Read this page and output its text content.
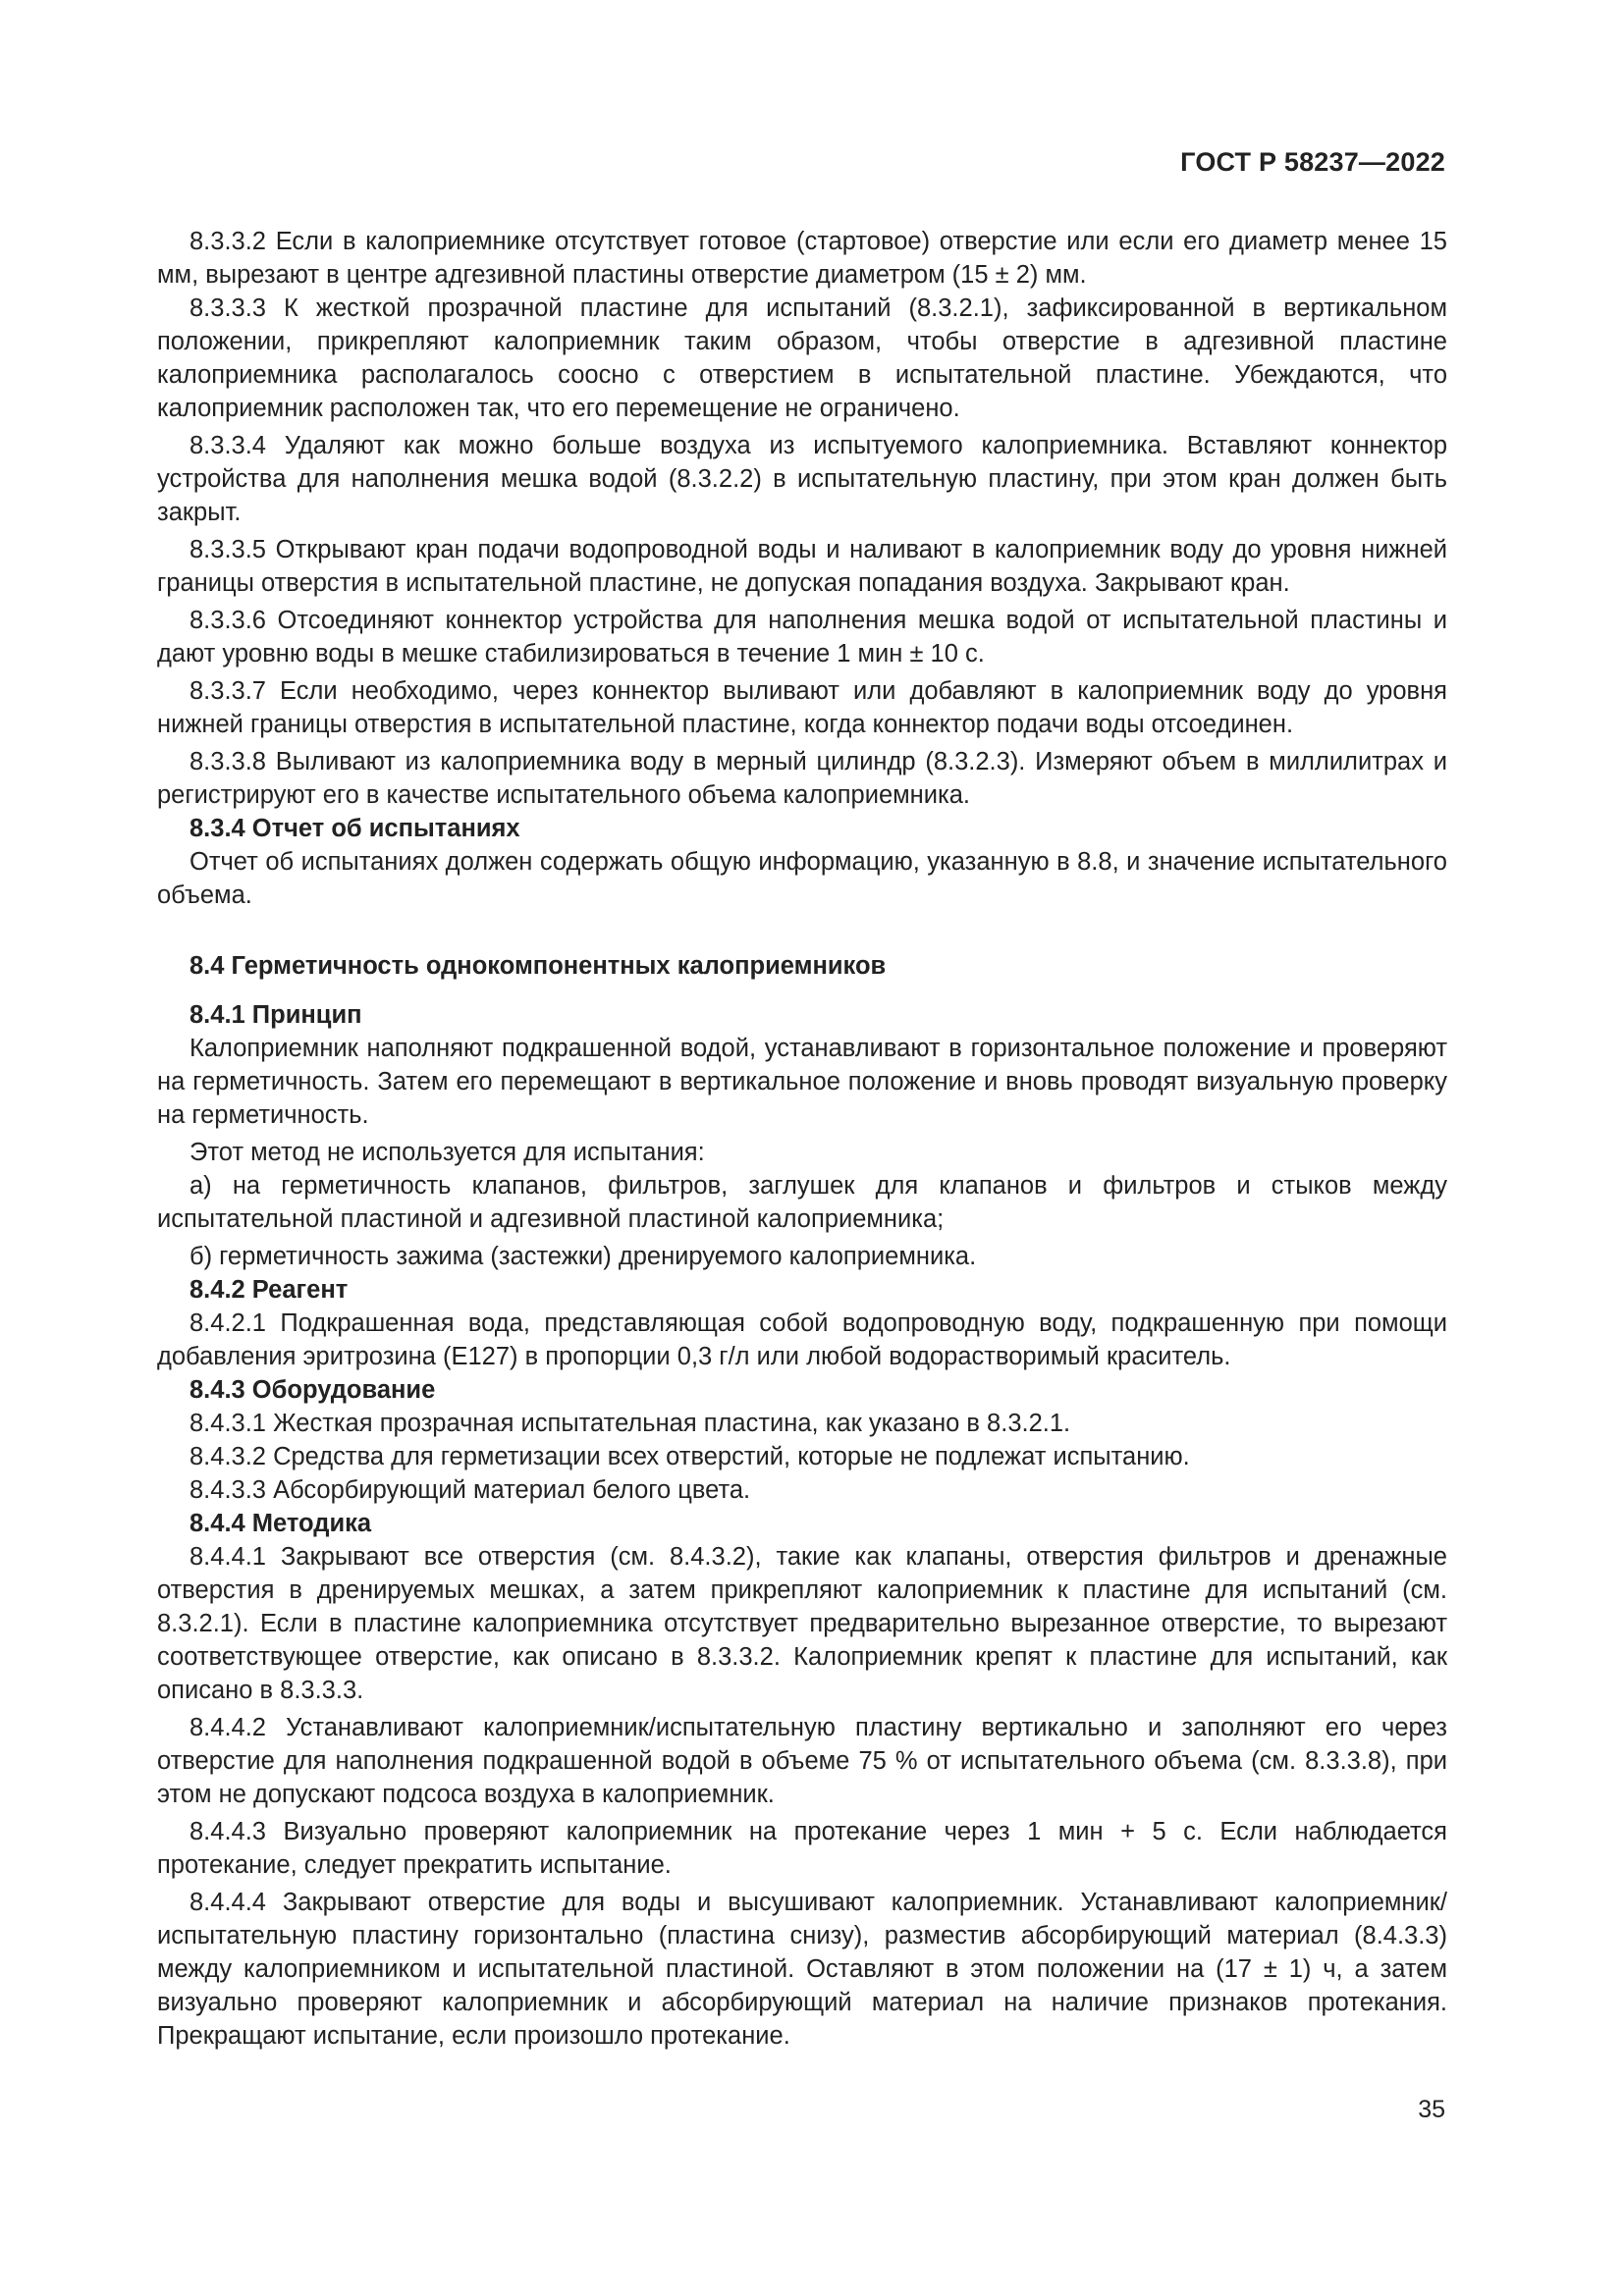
ГОСТ Р 58237—2022

8.3.3.2 Если в калоприемнике отсутствует готовое (стартовое) отверстие или если его диаметр менее 15 мм, вырезают в центре адгезивной пластины отверстие диаметром (15 ± 2) мм.

8.3.3.3 К жесткой прозрачной пластине для испытаний (8.3.2.1), зафиксированной в вертикальном положении, прикрепляют калоприемник таким образом, чтобы отверстие в адгезивной пластине калоприемника располагалось соосно с отверстием в испытательной пластине. Убеждаются, что калоприемник расположен так, что его перемещение не ограничено.

8.3.3.4 Удаляют как можно больше воздуха из испытуемого калоприемника. Вставляют коннектор устройства для наполнения мешка водой (8.3.2.2) в испытательную пластину, при этом кран должен быть закрыт.

8.3.3.5 Открывают кран подачи водопроводной воды и наливают в калоприемник воду до уровня нижней границы отверстия в испытательной пластине, не допуская попадания воздуха. Закрывают кран.

8.3.3.6 Отсоединяют коннектор устройства для наполнения мешка водой от испытательной пластины и дают уровню воды в мешке стабилизироваться в течение 1 мин ± 10 с.

8.3.3.7 Если необходимо, через коннектор выливают или добавляют в калоприемник воду до уровня нижней границы отверстия в испытательной пластине, когда коннектор подачи воды отсоединен.

8.3.3.8 Выливают из калоприемника воду в мерный цилиндр (8.3.2.3). Измеряют объем в миллилитрах и регистрируют его в качестве испытательного объема калоприемника.

8.3.4 Отчет об испытаниях

Отчет об испытаниях должен содержать общую информацию, указанную в 8.8, и значение испытательного объема.

8.4 Герметичность однокомпонентных калоприемников

8.4.1 Принцип

Калоприемник наполняют подкрашенной водой, устанавливают в горизонтальное положение и проверяют на герметичность. Затем его перемещают в вертикальное положение и вновь проводят визуальную проверку на герметичность.

Этот метод не используется для испытания:

а) на герметичность клапанов, фильтров, заглушек для клапанов и фильтров и стыков между испытательной пластиной и адгезивной пластиной калоприемника;

б) герметичность зажима (застежки) дренируемого калоприемника.

8.4.2 Реагент

8.4.2.1 Подкрашенная вода, представляющая собой водопроводную воду, подкрашенную при помощи добавления эритрозина (Е127) в пропорции 0,3 г/л или любой водорастворимый краситель.

8.4.3 Оборудование

8.4.3.1 Жесткая прозрачная испытательная пластина, как указано в 8.3.2.1.

8.4.3.2 Средства для герметизации всех отверстий, которые не подлежат испытанию.

8.4.3.3 Абсорбирующий материал белого цвета.

8.4.4 Методика

8.4.4.1 Закрывают все отверстия (см. 8.4.3.2), такие как клапаны, отверстия фильтров и дренажные отверстия в дренируемых мешках, а затем прикрепляют калоприемник к пластине для испытаний (см. 8.3.2.1). Если в пластине калоприемника отсутствует предварительно вырезанное отверстие, то вырезают соответствующее отверстие, как описано в 8.3.3.2. Калоприемник крепят к пластине для испытаний, как описано в 8.3.3.3.

8.4.4.2 Устанавливают калоприемник/испытательную пластину вертикально и заполняют его через отверстие для наполнения подкрашенной водой в объеме 75 % от испытательного объема (см. 8.3.3.8), при этом не допускают подсоса воздуха в калоприемник.

8.4.4.3 Визуально проверяют калоприемник на протекание через 1 мин + 5 с. Если наблюдается протекание, следует прекратить испытание.

8.4.4.4 Закрывают отверстие для воды и высушивают калоприемник. Устанавливают калоприемник/испытательную пластину горизонтально (пластина снизу), разместив абсорбирующий материал (8.4.3.3) между калоприемником и испытательной пластиной. Оставляют в этом положении на (17 ± 1) ч, а затем визуально проверяют калоприемник и абсорбирующий материал на наличие признаков протекания. Прекращают испытание, если произошло протекание.

35
